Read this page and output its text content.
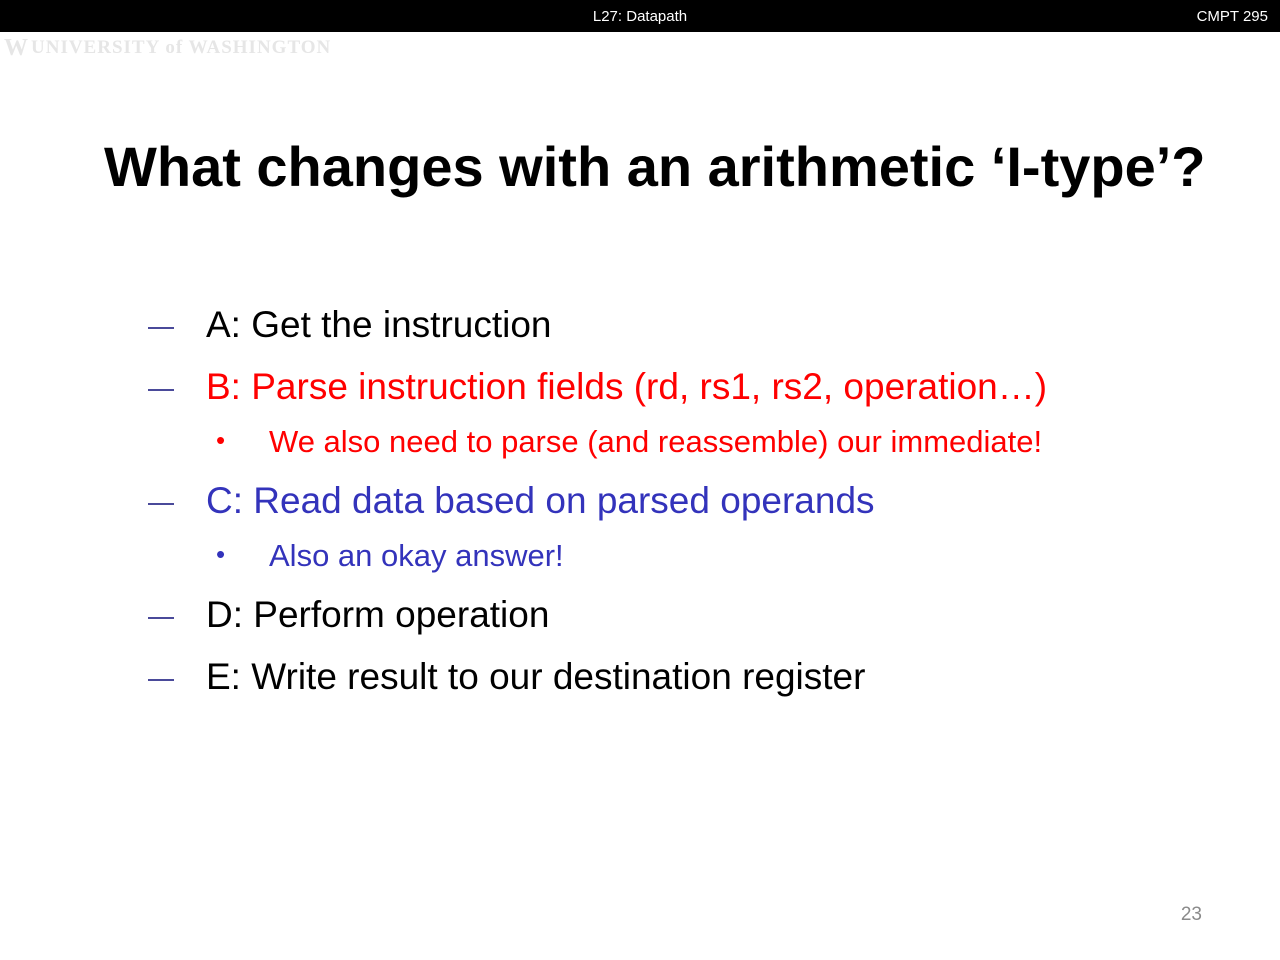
L27: Datapath	CMPT 295
W UNIVERSITY of WASHINGTON
What changes with an arithmetic ‘I-type’?
A: Get the instruction
B: Parse instruction fields (rd, rs1, rs2, operation…)
• We also need to parse (and reassemble) our immediate!
C: Read data based on parsed operands
• Also an okay answer!
D: Perform operation
E: Write result to our destination register
23
